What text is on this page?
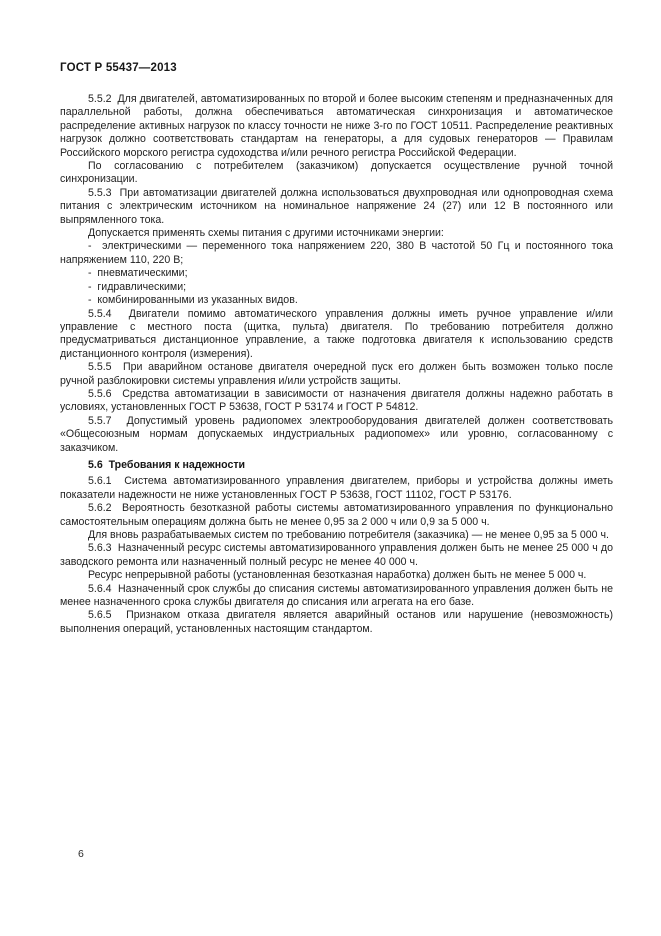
ГОСТ Р 55437—2013

5.5.2  Для двигателей, автоматизированных по второй и более высоким степеням и предназначенных для параллельной работы, должна обеспечиваться автоматическая синхронизация и автоматическое распределение активных нагрузок по классу точности не ниже 3-го по ГОСТ 10511. Распределение реактивных нагрузок должно соответствовать стандартам на генераторы, а для судовых генераторов — Правилам Российского морского регистра судоходства и/или речного регистра Российской Федерации.

По согласованию с потребителем (заказчиком) допускается осуществление ручной точной синхронизации.

5.5.3  При автоматизации двигателей должна использоваться двухпроводная или однопроводная схема питания с электрическим источником на номинальное напряжение 24 (27) или 12 В постоянного или выпрямленного тока.

Допускается применять схемы питания с другими источниками энергии:

-  электрическими — переменного тока напряжением 220, 380 В частотой 50 Гц и постоянного тока напряжением 110, 220 В;

-  пневматическими;

-  гидравлическими;

-  комбинированными из указанных видов.

5.5.4  Двигатели помимо автоматического управления должны иметь ручное управление и/или управление с местного поста (щитка, пульта) двигателя. По требованию потребителя должно предусматриваться дистанционное управление, а также подготовка двигателя к использованию средств дистанционного контроля (измерения).

5.5.5  При аварийном останове двигателя очередной пуск его должен быть возможен только после ручной разблокировки системы управления и/или устройств защиты.

5.5.6  Средства автоматизации в зависимости от назначения двигателя должны надежно работать в условиях, установленных ГОСТ Р 53638, ГОСТ Р 53174 и ГОСТ Р 54812.

5.5.7  Допустимый уровень радиопомех электрооборудования двигателей должен соответствовать «Общесоюзным нормам допускаемых индустриальных радиопомех» или уровню, согласованному с заказчиком.

5.6  Требования к надежности

5.6.1  Система автоматизированного управления двигателем, приборы и устройства должны иметь показатели надежности не ниже установленных ГОСТ Р 53638, ГОСТ 11102, ГОСТ Р 53176.

5.6.2  Вероятность безотказной работы системы автоматизированного управления по функционально самостоятельным операциям должна быть не менее 0,95 за 2 000 ч или 0,9 за 5 000 ч.

Для вновь разрабатываемых систем по требованию потребителя (заказчика) — не менее 0,95 за 5 000 ч.

5.6.3  Назначенный ресурс системы автоматизированного управления должен быть не менее 25 000 ч до заводского ремонта или назначенный полный ресурс не менее 40 000 ч.

Ресурс непрерывной работы (установленная безотказная наработка) должен быть не менее 5 000 ч.

5.6.4  Назначенный срок службы до списания системы автоматизированного управления должен быть не менее назначенного срока службы двигателя до списания или агрегата на его базе.

5.6.5  Признаком отказа двигателя является аварийный останов или нарушение (невозможность) выполнения операций, установленных настоящим стандартом.

6
